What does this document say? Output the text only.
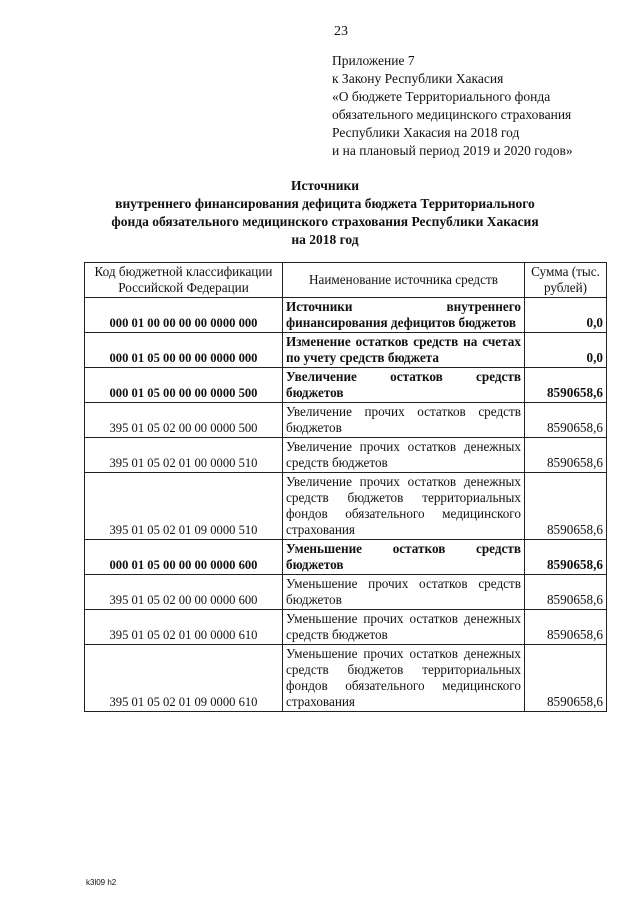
23
Приложение 7
к Закону Республики Хакасия
«О бюджете Территориального фонда
обязательного медицинского страхования
Республики Хакасия на 2018 год
и на плановый период 2019 и 2020 годов»
Источники
внутреннего финансирования дефицита бюджета Территориального
фонда обязательного медицинского страхования Республики Хакасия
на 2018 год
Код бюджетной классификации Российской Федерации	Наименование источника средств	Сумма (тыс. рублей)
000 01 00 00 00 00 0000 000	Источники внутреннего финансирования дефицитов бюджетов	0,0
000 01 05 00 00 00 0000 000	Изменение остатков средств на счетах по учету средств бюджета	0,0
000 01 05 00 00 00 0000 500	Увеличение остатков средств бюджетов	8590658,6
395 01 05 02 00 00 0000 500	Увеличение прочих остатков средств бюджетов	8590658,6
395 01 05 02 01 00 0000 510	Увеличение прочих остатков денежных средств бюджетов	8590658,6
395 01 05 02 01 09 0000 510	Увеличение прочих остатков денежных средств бюджетов территориальных фондов обязательного медицинского страхования	8590658,6
000 01 05 00 00 00 0000 600	Уменьшение остатков средств бюджетов	8590658,6
395 01 05 02 00 00 0000 600	Уменьшение прочих остатков средств бюджетов	8590658,6
395 01 05 02 01 00 0000 610	Уменьшение прочих остатков денежных средств бюджетов	8590658,6
395 01 05 02 01 09 0000 610	Уменьшение прочих остатков денежных средств бюджетов территориальных фондов обязательного медицинского страхования	8590658,6
k3l09 h2
